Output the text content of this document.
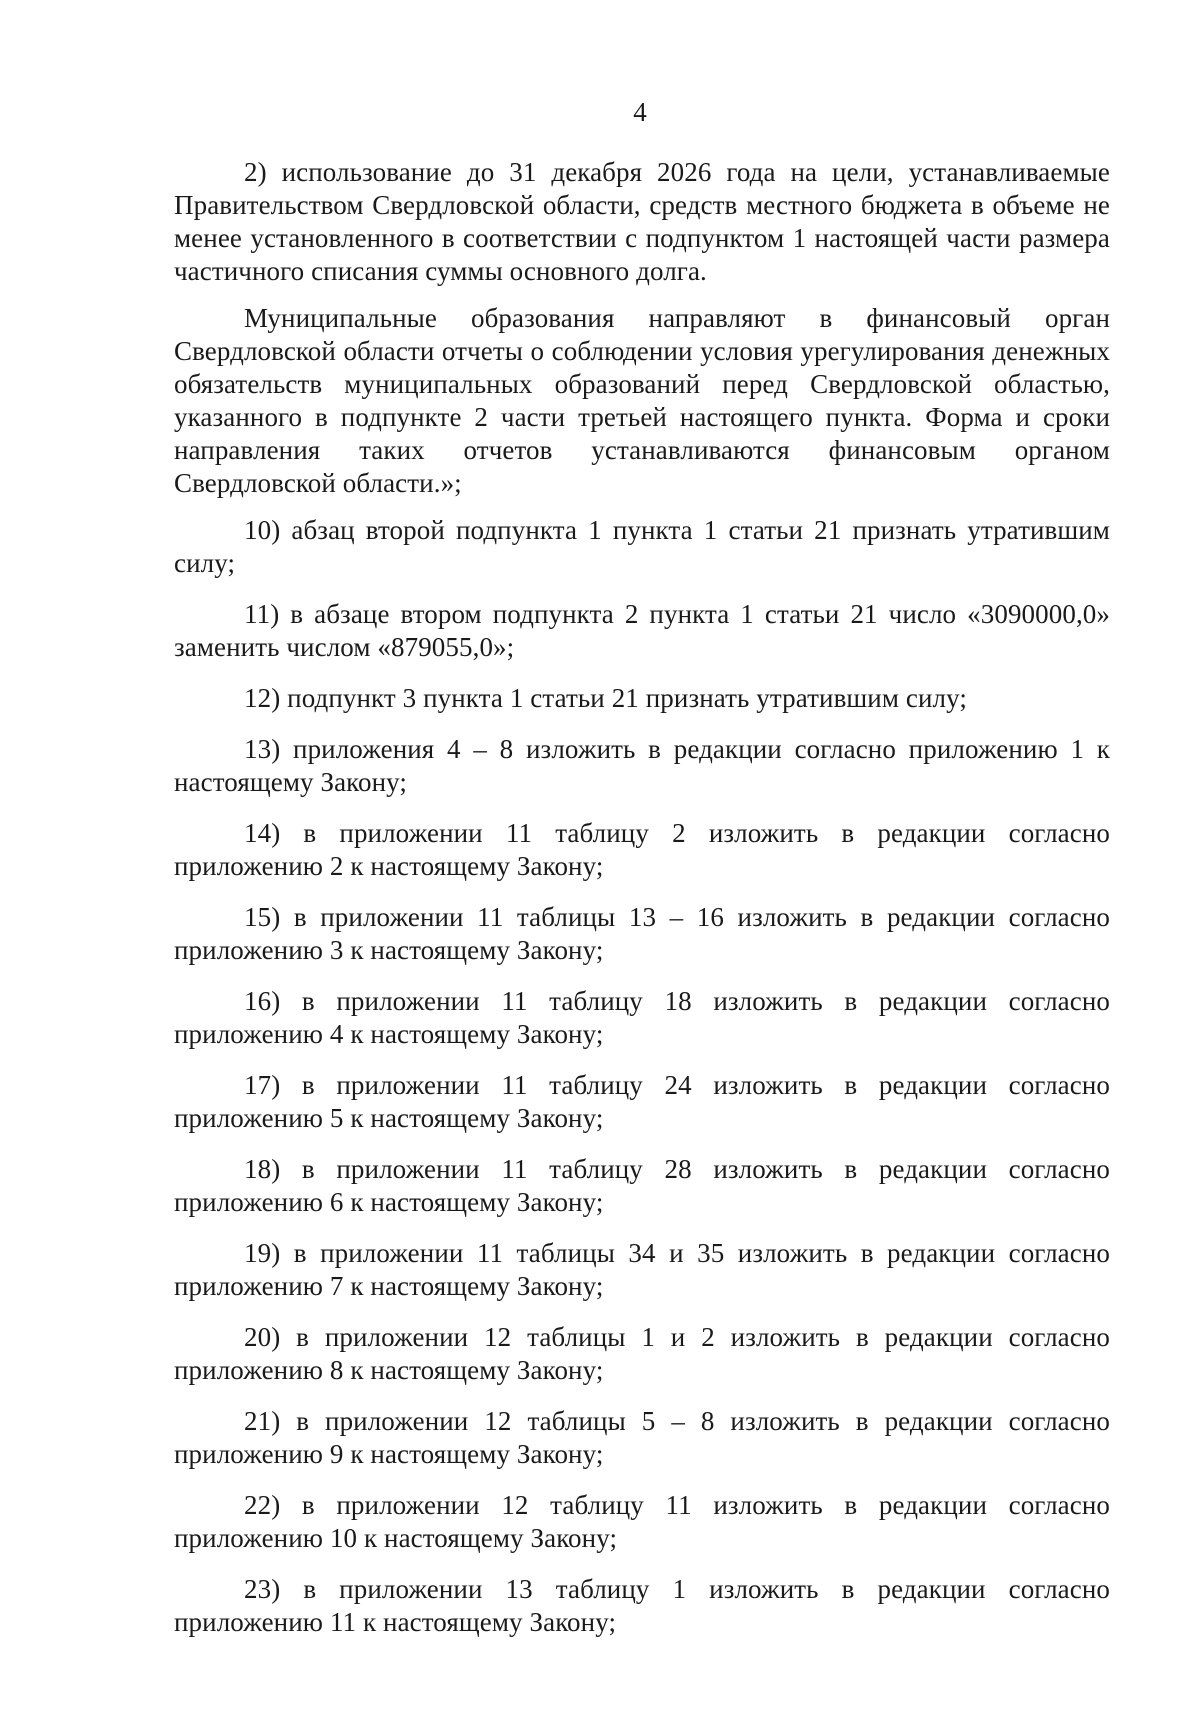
4

2) использование до 31 декабря 2026 года на цели, устанавливаемые Правительством Свердловской области, средств местного бюджета в объеме не менее установленного в соответствии с подпунктом 1 настоящей части размера частичного списания суммы основного долга.

Муниципальные образования направляют в финансовый орган Свердловской области отчеты о соблюдении условия урегулирования денежных обязательств муниципальных образований перед Свердловской областью, указанного в подпункте 2 части третьей настоящего пункта. Форма и сроки направления таких отчетов устанавливаются финансовым органом Свердловской области.»;

10) абзац второй подпункта 1 пункта 1 статьи 21 признать утратившим силу;

11) в абзаце втором подпункта 2 пункта 1 статьи 21 число «3090000,0» заменить числом «879055,0»;

12) подпункт 3 пункта 1 статьи 21 признать утратившим силу;

13) приложения 4 – 8 изложить в редакции согласно приложению 1 к настоящему Закону;

14) в приложении 11 таблицу 2 изложить в редакции согласно приложению 2 к настоящему Закону;

15) в приложении 11 таблицы 13 – 16 изложить в редакции согласно приложению 3 к настоящему Закону;

16) в приложении 11 таблицу 18 изложить в редакции согласно приложению 4 к настоящему Закону;

17) в приложении 11 таблицу 24 изложить в редакции согласно приложению 5 к настоящему Закону;

18) в приложении 11 таблицу 28 изложить в редакции согласно приложению 6 к настоящему Закону;

19) в приложении 11 таблицы 34 и 35 изложить в редакции согласно приложению 7 к настоящему Закону;

20) в приложении 12 таблицы 1 и 2 изложить в редакции согласно приложению 8 к настоящему Закону;

21) в приложении 12 таблицы 5 – 8 изложить в редакции согласно приложению 9 к настоящему Закону;

22) в приложении 12 таблицу 11 изложить в редакции согласно приложению 10 к настоящему Закону;

23) в приложении 13 таблицу 1 изложить в редакции согласно приложению 11 к настоящему Закону;
